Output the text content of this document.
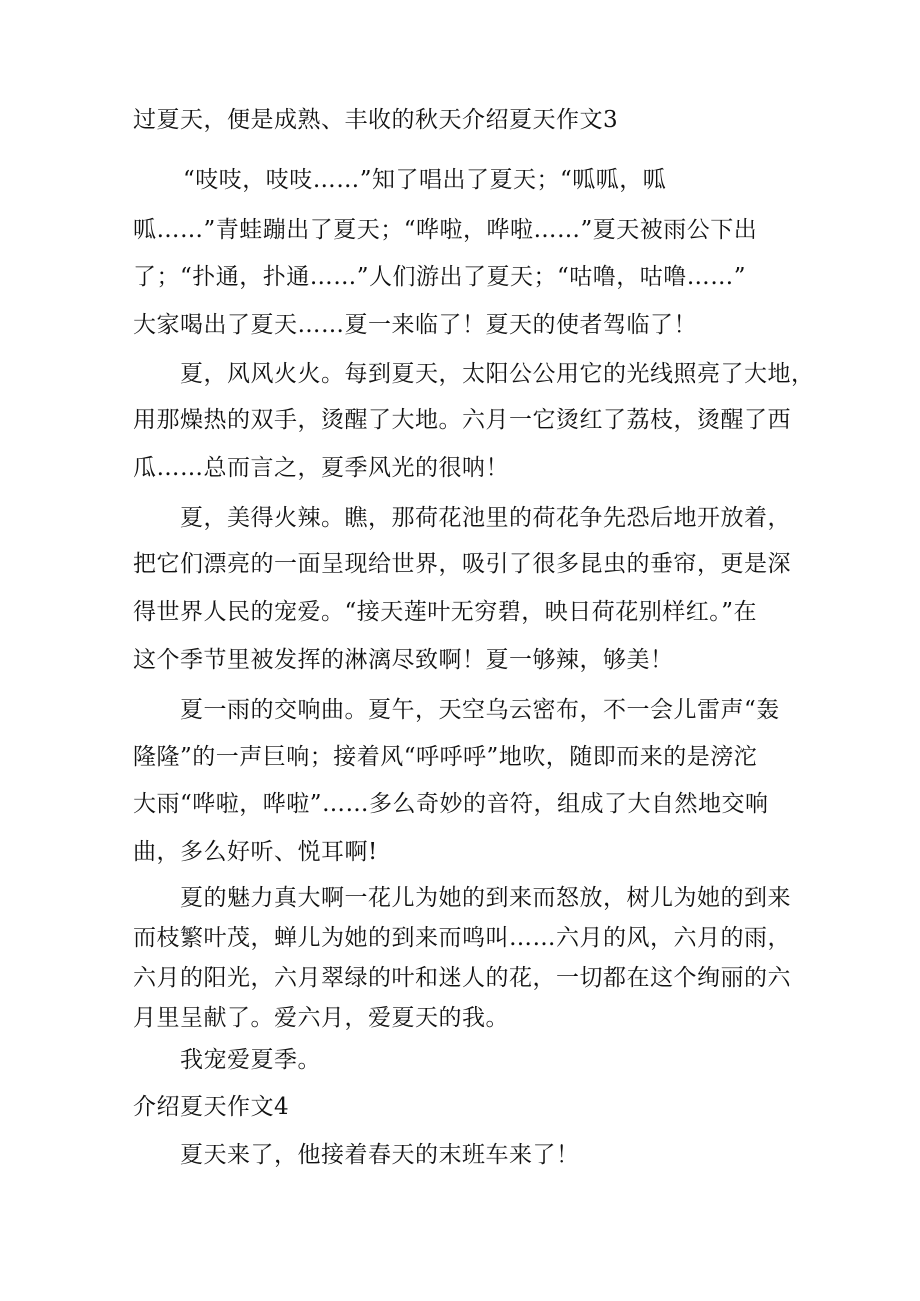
过夏天，便是成熟、丰收的秋天介绍夏天作文3
“吱吱，吱吱……”知了唱出了夏天；“呱呱，呱
呱……”青蛙蹦出了夏天；“哗啦，哗啦……”夏天被雨公下出
了；“扑通，扑通……”人们游出了夏天；“咕噜，咕噜……”
大家喝出了夏天……夏一来临了！夏天的使者驾临了！
夏，风风火火。每到夏天，太阳公公用它的光线照亮了大地，
用那燥热的双手，烫醒了大地。六月一它烫红了荔枝，烫醒了西
瓜……总而言之，夏季风光的很呐！
夏，美得火辣。瞧，那荷花池里的荷花争先恐后地开放着，
把它们漂亮的一面呈现给世界，吸引了很多昆虫的垂帘，更是深
得世界人民的宠爱。“接天莲叶无穷碧，映日荷花别样红。”在
这个季节里被发挥的淋漓尽致啊！夏一够辣，够美！
夏一雨的交响曲。夏午，天空乌云密布，不一会儿雷声“轰
隆隆”的一声巨响；接着风“呼呼呼”地吹，随即而来的是滂沱
大雨“哗啦，哗啦”……多么奇妙的音符，组成了大自然地交响
曲，多么好听、悦耳啊!
夏的魅力真大啊一花儿为她的到来而怒放，树儿为她的到来
而枝繁叶茂，蝉儿为她的到来而鸣叫……六月的风，六月的雨，
六月的阳光，六月翠绿的叶和迷人的花，一切都在这个绚丽的六
月里呈献了。爱六月，爱夏天的我。
我宠爱夏季。
介绍夏天作文4
夏天来了，他接着春天的末班车来了！
